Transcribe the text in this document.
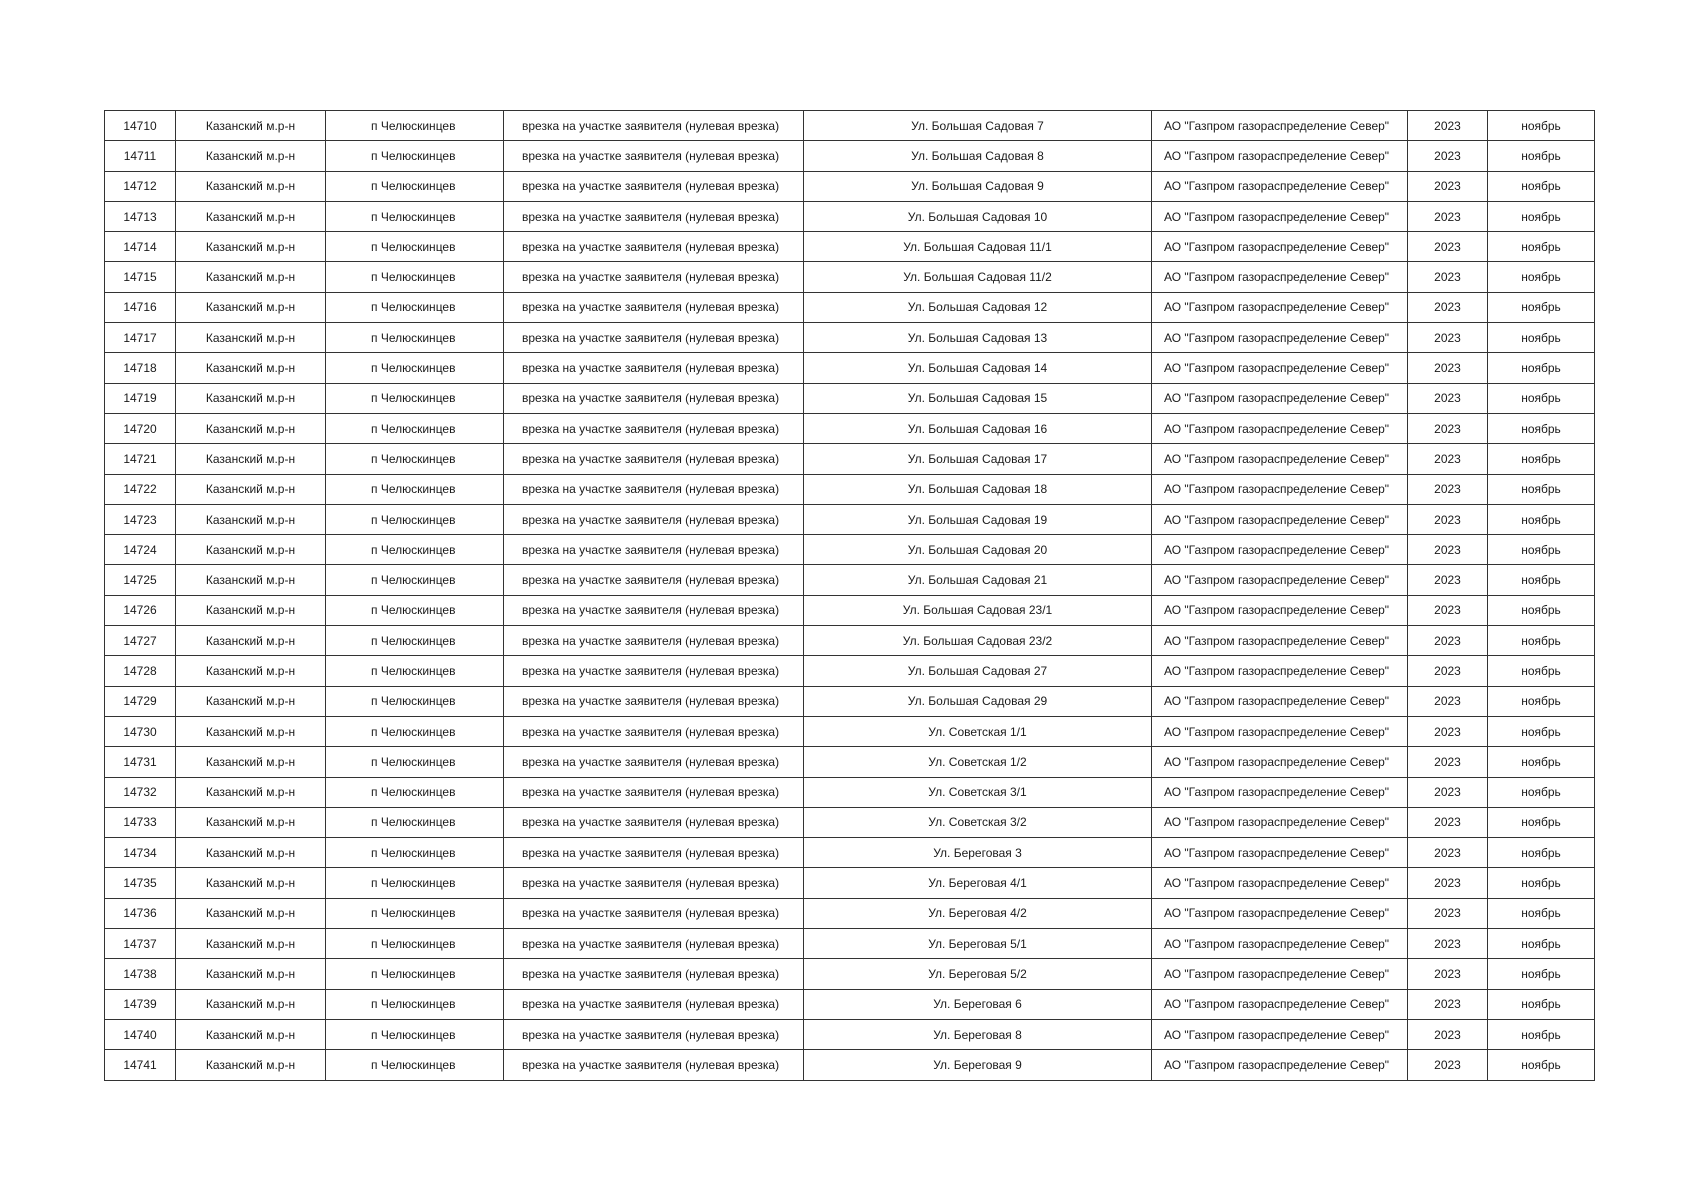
14710	Казанский м.р-н	п Челюскинцев	врезка на участке заявителя (нулевая врезка)	Ул. Большая Садовая 7	АО "Газпром газораспределение Север"	2023	ноябрь
14711	Казанский м.р-н	п Челюскинцев	врезка на участке заявителя (нулевая врезка)	Ул. Большая Садовая 8	АО "Газпром газораспределение Север"	2023	ноябрь
14712	Казанский м.р-н	п Челюскинцев	врезка на участке заявителя (нулевая врезка)	Ул. Большая Садовая 9	АО "Газпром газораспределение Север"	2023	ноябрь
14713	Казанский м.р-н	п Челюскинцев	врезка на участке заявителя (нулевая врезка)	Ул. Большая Садовая 10	АО "Газпром газораспределение Север"	2023	ноябрь
14714	Казанский м.р-н	п Челюскинцев	врезка на участке заявителя (нулевая врезка)	Ул. Большая Садовая 11/1	АО "Газпром газораспределение Север"	2023	ноябрь
14715	Казанский м.р-н	п Челюскинцев	врезка на участке заявителя (нулевая врезка)	Ул. Большая Садовая 11/2	АО "Газпром газораспределение Север"	2023	ноябрь
14716	Казанский м.р-н	п Челюскинцев	врезка на участке заявителя (нулевая врезка)	Ул. Большая Садовая 12	АО "Газпром газораспределение Север"	2023	ноябрь
14717	Казанский м.р-н	п Челюскинцев	врезка на участке заявителя (нулевая врезка)	Ул. Большая Садовая 13	АО "Газпром газораспределение Север"	2023	ноябрь
14718	Казанский м.р-н	п Челюскинцев	врезка на участке заявителя (нулевая врезка)	Ул. Большая Садовая 14	АО "Газпром газораспределение Север"	2023	ноябрь
14719	Казанский м.р-н	п Челюскинцев	врезка на участке заявителя (нулевая врезка)	Ул. Большая Садовая 15	АО "Газпром газораспределение Север"	2023	ноябрь
14720	Казанский м.р-н	п Челюскинцев	врезка на участке заявителя (нулевая врезка)	Ул. Большая Садовая 16	АО "Газпром газораспределение Север"	2023	ноябрь
14721	Казанский м.р-н	п Челюскинцев	врезка на участке заявителя (нулевая врезка)	Ул. Большая Садовая 17	АО "Газпром газораспределение Север"	2023	ноябрь
14722	Казанский м.р-н	п Челюскинцев	врезка на участке заявителя (нулевая врезка)	Ул. Большая Садовая 18	АО "Газпром газораспределение Север"	2023	ноябрь
14723	Казанский м.р-н	п Челюскинцев	врезка на участке заявителя (нулевая врезка)	Ул. Большая Садовая 19	АО "Газпром газораспределение Север"	2023	ноябрь
14724	Казанский м.р-н	п Челюскинцев	врезка на участке заявителя (нулевая врезка)	Ул. Большая Садовая 20	АО "Газпром газораспределение Север"	2023	ноябрь
14725	Казанский м.р-н	п Челюскинцев	врезка на участке заявителя (нулевая врезка)	Ул. Большая Садовая 21	АО "Газпром газораспределение Север"	2023	ноябрь
14726	Казанский м.р-н	п Челюскинцев	врезка на участке заявителя (нулевая врезка)	Ул. Большая Садовая 23/1	АО "Газпром газораспределение Север"	2023	ноябрь
14727	Казанский м.р-н	п Челюскинцев	врезка на участке заявителя (нулевая врезка)	Ул. Большая Садовая 23/2	АО "Газпром газораспределение Север"	2023	ноябрь
14728	Казанский м.р-н	п Челюскинцев	врезка на участке заявителя (нулевая врезка)	Ул. Большая Садовая 27	АО "Газпром газораспределение Север"	2023	ноябрь
14729	Казанский м.р-н	п Челюскинцев	врезка на участке заявителя (нулевая врезка)	Ул. Большая Садовая 29	АО "Газпром газораспределение Север"	2023	ноябрь
14730	Казанский м.р-н	п Челюскинцев	врезка на участке заявителя (нулевая врезка)	Ул. Советская 1/1	АО "Газпром газораспределение Север"	2023	ноябрь
14731	Казанский м.р-н	п Челюскинцев	врезка на участке заявителя (нулевая врезка)	Ул. Советская 1/2	АО "Газпром газораспределение Север"	2023	ноябрь
14732	Казанский м.р-н	п Челюскинцев	врезка на участке заявителя (нулевая врезка)	Ул. Советская 3/1	АО "Газпром газораспределение Север"	2023	ноябрь
14733	Казанский м.р-н	п Челюскинцев	врезка на участке заявителя (нулевая врезка)	Ул. Советская 3/2	АО "Газпром газораспределение Север"	2023	ноябрь
14734	Казанский м.р-н	п Челюскинцев	врезка на участке заявителя (нулевая врезка)	Ул. Береговая 3	АО "Газпром газораспределение Север"	2023	ноябрь
14735	Казанский м.р-н	п Челюскинцев	врезка на участке заявителя (нулевая врезка)	Ул. Береговая 4/1	АО "Газпром газораспределение Север"	2023	ноябрь
14736	Казанский м.р-н	п Челюскинцев	врезка на участке заявителя (нулевая врезка)	Ул. Береговая 4/2	АО "Газпром газораспределение Север"	2023	ноябрь
14737	Казанский м.р-н	п Челюскинцев	врезка на участке заявителя (нулевая врезка)	Ул. Береговая 5/1	АО "Газпром газораспределение Север"	2023	ноябрь
14738	Казанский м.р-н	п Челюскинцев	врезка на участке заявителя (нулевая врезка)	Ул. Береговая 5/2	АО "Газпром газораспределение Север"	2023	ноябрь
14739	Казанский м.р-н	п Челюскинцев	врезка на участке заявителя (нулевая врезка)	Ул. Береговая 6	АО "Газпром газораспределение Север"	2023	ноябрь
14740	Казанский м.р-н	п Челюскинцев	врезка на участке заявителя (нулевая врезка)	Ул. Береговая 8	АО "Газпром газораспределение Север"	2023	ноябрь
14741	Казанский м.р-н	п Челюскинцев	врезка на участке заявителя (нулевая врезка)	Ул. Береговая 9	АО "Газпром газораспределение Север"	2023	ноябрь
